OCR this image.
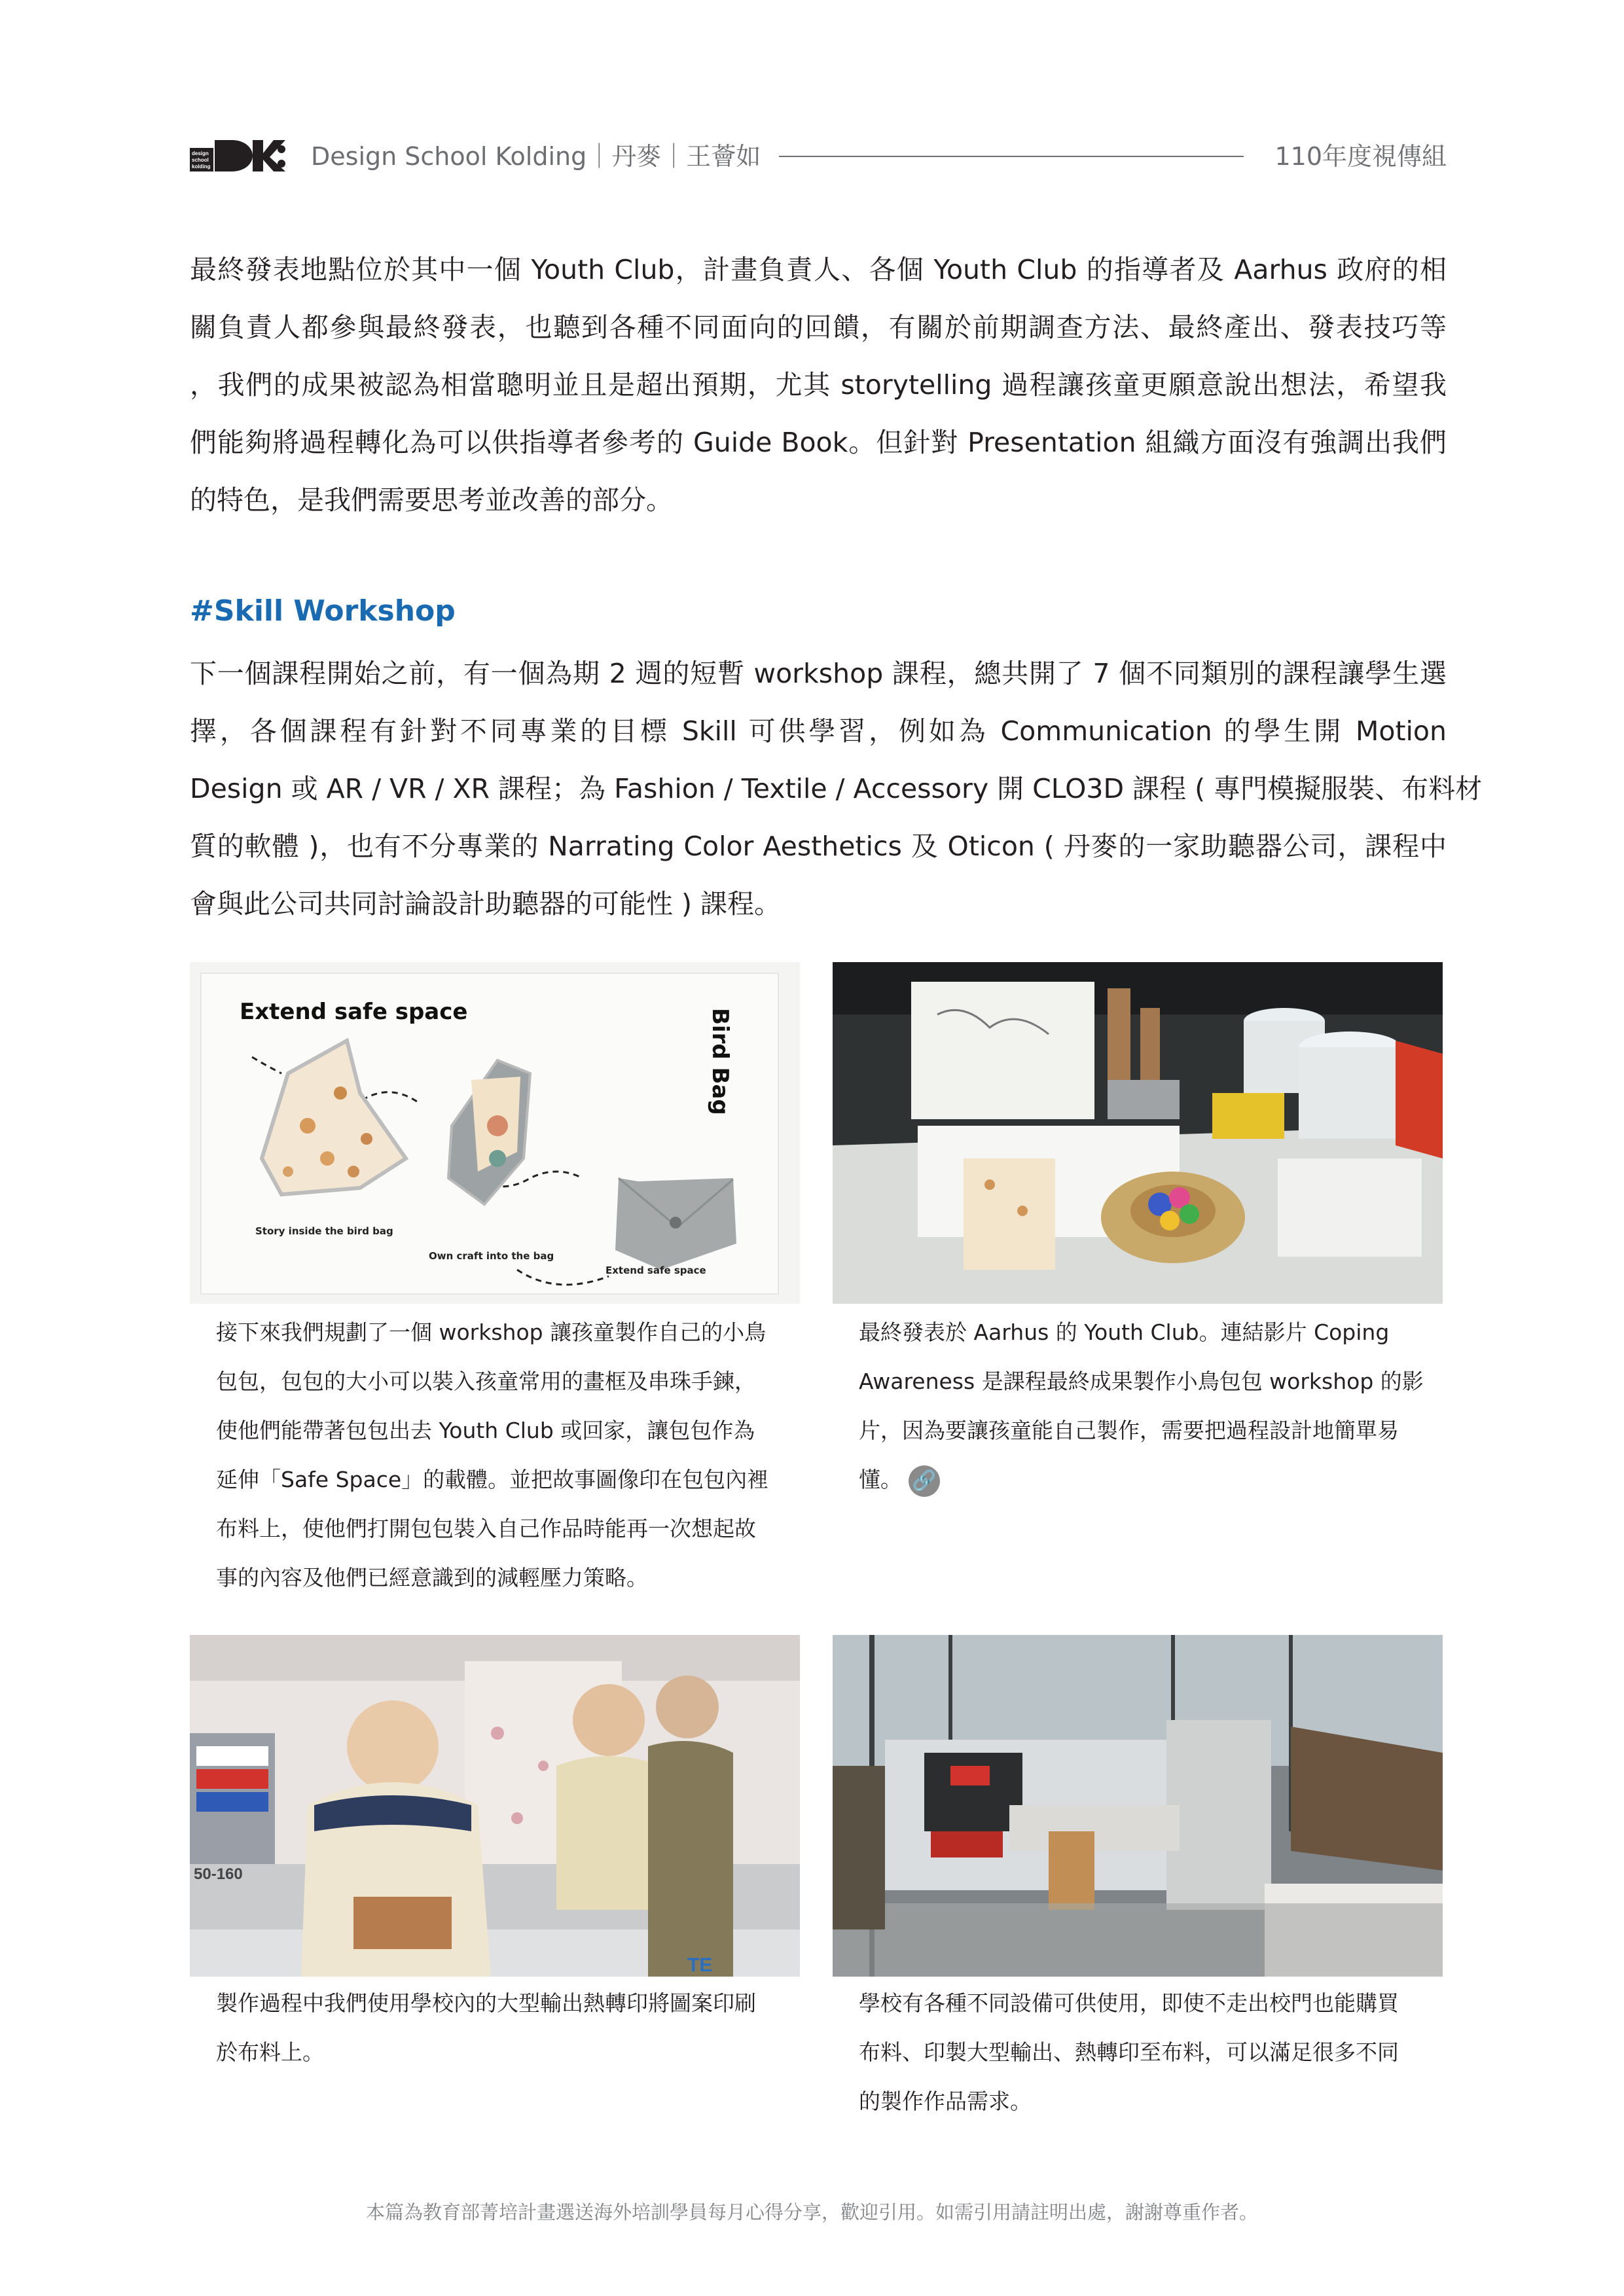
design
school
kolding	Design School Kolding｜丹麥｜王薈如	110年度視傳組

最終發表地點位於其中一個 Youth Club，計畫負責人、各個 Youth Club 的指導者及 Aarhus 政府的相
關負責人都參與最終發表，也聽到各種不同面向的回饋，有關於前期調查方法、最終產出、發表技巧等
，我們的成果被認為相當聰明並且是超出預期，尤其 storytelling 過程讓孩童更願意說出想法，希望我
們能夠將過程轉化為可以供指導者參考的 Guide Book。但針對 Presentation 組織方面沒有強調出我們
的特色，是我們需要思考並改善的部分。

#Skill Workshop

下一個課程開始之前，有一個為期 2 週的短暫 workshop 課程，總共開了 7 個不同類別的課程讓學生選
擇，各個課程有針對不同專業的目標 Skill 可供學習，例如為 Communication 的學生開 Motion
Design 或 AR / VR / XR 課程；為 Fashion / Textile / Accessory 開 CLO3D 課程 ( 專門模擬服裝、布料材
質的軟體 )，也有不分專業的 Narrating Color Aesthetics 及 Oticon ( 丹麥的一家助聽器公司，課程中
會與此公司共同討論設計助聽器的可能性 ) 課程。

Extend safe space	Bird Bag
Story inside the bird bag
Own craft into the bag
Extend safe space

接下來我們規劃了一個 workshop 讓孩童製作自己的小鳥
包包，包包的大小可以裝入孩童常用的畫框及串珠手鍊，
使他們能帶著包包出去 Youth Club 或回家，讓包包作為
延伸「Safe Space」的載體。並把故事圖像印在包包內裡
布料上，使他們打開包包裝入自己作品時能再一次想起故
事的內容及他們已經意識到的減輕壓力策略。

最終發表於 Aarhus 的 Youth Club。連結影片 Coping
Awareness 是課程最終成果製作小鳥包包 workshop 的影
片，因為要讓孩童能自己製作，需要把過程設計地簡單易
懂。 🔗

50-160
TE

製作過程中我們使用學校內的大型輸出熱轉印將圖案印刷
於布料上。

學校有各種不同設備可供使用，即使不走出校門也能購買
布料、印製大型輸出、熱轉印至布料，可以滿足很多不同
的製作作品需求。

本篇為教育部菁培計畫選送海外培訓學員每月心得分享，歡迎引用。如需引用請註明出處，謝謝尊重作者。
